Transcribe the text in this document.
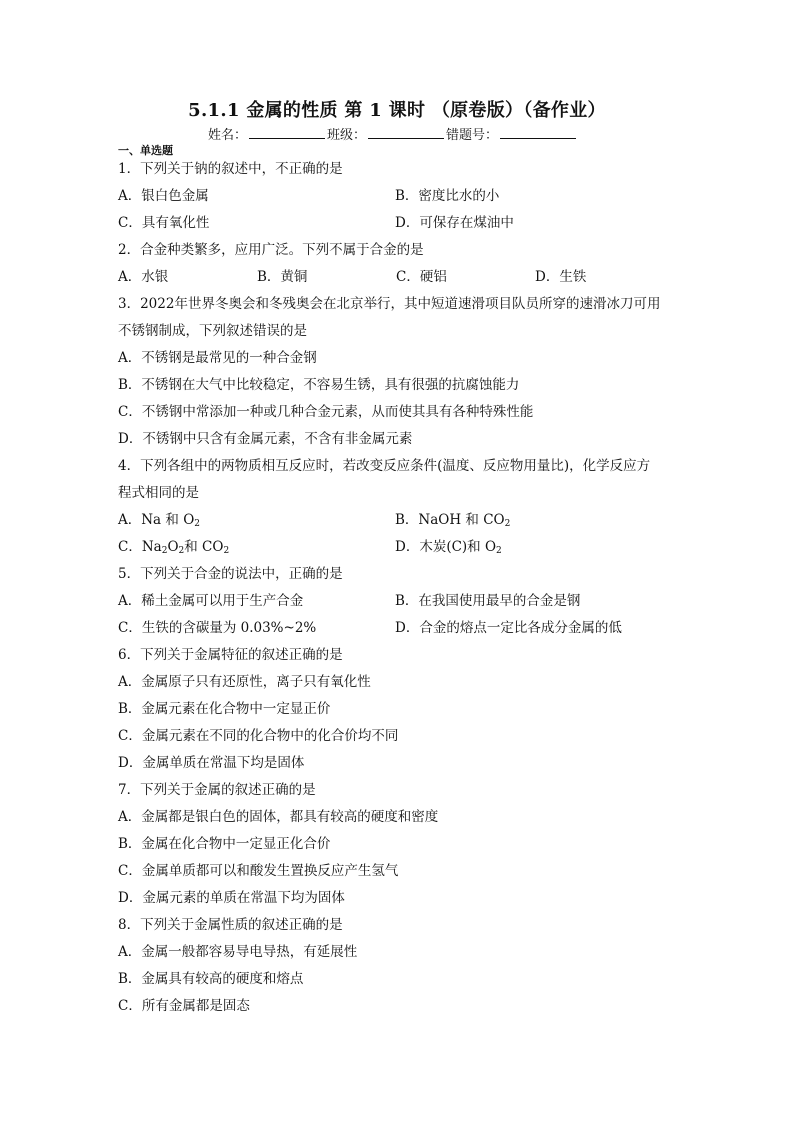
5.1.1 金属的性质 第 1 课时 （原卷版）（备作业）
姓名：	班级：	错题号：
一、单选题
1．下列关于钠的叙述中，不正确的是
A．银白色金属	B．密度比水的小
C．具有氧化性	D．可保存在煤油中
2．合金种类繁多，应用广泛。下列不属于合金的是
A．水银	B．黄铜	C．硬铝	D．生铁
3．2022年世界冬奥会和冬残奥会在北京举行，其中短道速滑项目队员所穿的速滑冰刀可用
不锈钢制成，下列叙述错误的是
A．不锈钢是最常见的一种合金钢
B．不锈钢在大气中比较稳定，不容易生锈，具有很强的抗腐蚀能力
C．不锈钢中常添加一种或几种合金元素，从而使其具有各种特殊性能
D．不锈钢中只含有金属元素，不含有非金属元素
4．下列各组中的两物质相互反应时，若改变反应条件(温度、反应物用量比)，化学反应方
程式相同的是
A．Na 和 $O_2$	B．NaOH 和 $CO_2$
C．$Na_2O_2$和 $CO_2$	D．木炭(C)和 $O_2$
5．下列关于合金的说法中，正确的是
A．稀土金属可以用于生产合金	B．在我国使用最早的合金是钢
C．生铁的含碳量为 0.03%~2%	D．合金的熔点一定比各成分金属的低
6．下列关于金属特征的叙述正确的是
A．金属原子只有还原性，离子只有氧化性
B．金属元素在化合物中一定显正价
C．金属元素在不同的化合物中的化合价均不同
D．金属单质在常温下均是固体
7．下列关于金属的叙述正确的是
A．金属都是银白色的固体，都具有较高的硬度和密度
B．金属在化合物中一定显正化合价
C．金属单质都可以和酸发生置换反应产生氢气
D．金属元素的单质在常温下均为固体
8．下列关于金属性质的叙述正确的是
A．金属一般都容易导电导热，有延展性
B．金属具有较高的硬度和熔点
C．所有金属都是固态
